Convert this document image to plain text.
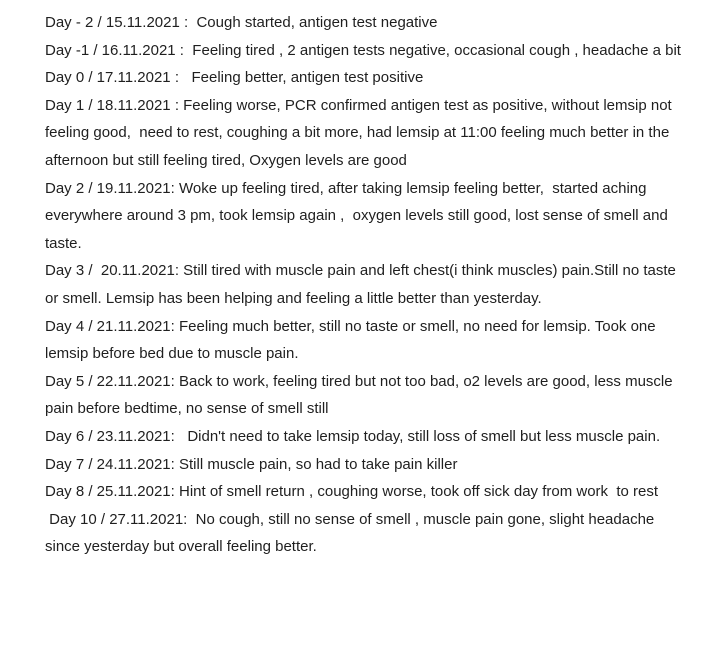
Day - 2 / 15.11.2021 :  Cough started, antigen test negative

Day -1 / 16.11.2021 :  Feeling tired , 2 antigen tests negative, occasional cough , headache a bit

Day 0 / 17.11.2021 :   Feeling better, antigen test positive

Day 1 / 18.11.2021 : Feeling worse, PCR confirmed antigen test as positive, without lemsip not feeling good,  need to rest, coughing a bit more, had lemsip at 11:00 feeling much better in the afternoon but still feeling tired, Oxygen levels are good

Day 2 / 19.11.2021: Woke up feeling tired, after taking lemsip feeling better,  started aching everywhere around 3 pm, took lemsip again ,  oxygen levels still good, lost sense of smell and taste.

Day 3 /  20.11.2021: Still tired with muscle pain and left chest(i think muscles) pain.Still no taste or smell. Lemsip has been helping and feeling a little better than yesterday.

Day 4 / 21.11.2021: Feeling much better, still no taste or smell, no need for lemsip. Took one lemsip before bed due to muscle pain.

Day 5 / 22.11.2021: Back to work, feeling tired but not too bad, o2 levels are good, less muscle pain before bedtime, no sense of smell still

Day 6 / 23.11.2021:   Didn't need to take lemsip today, still loss of smell but less muscle pain.

Day 7 / 24.11.2021: Still muscle pain, so had to take pain killer

Day 8 / 25.11.2021: Hint of smell return , coughing worse, took off sick day from work  to rest

Day 10 / 27.11.2021:  No cough, still no sense of smell , muscle pain gone, slight headache since yesterday but overall feeling better.
